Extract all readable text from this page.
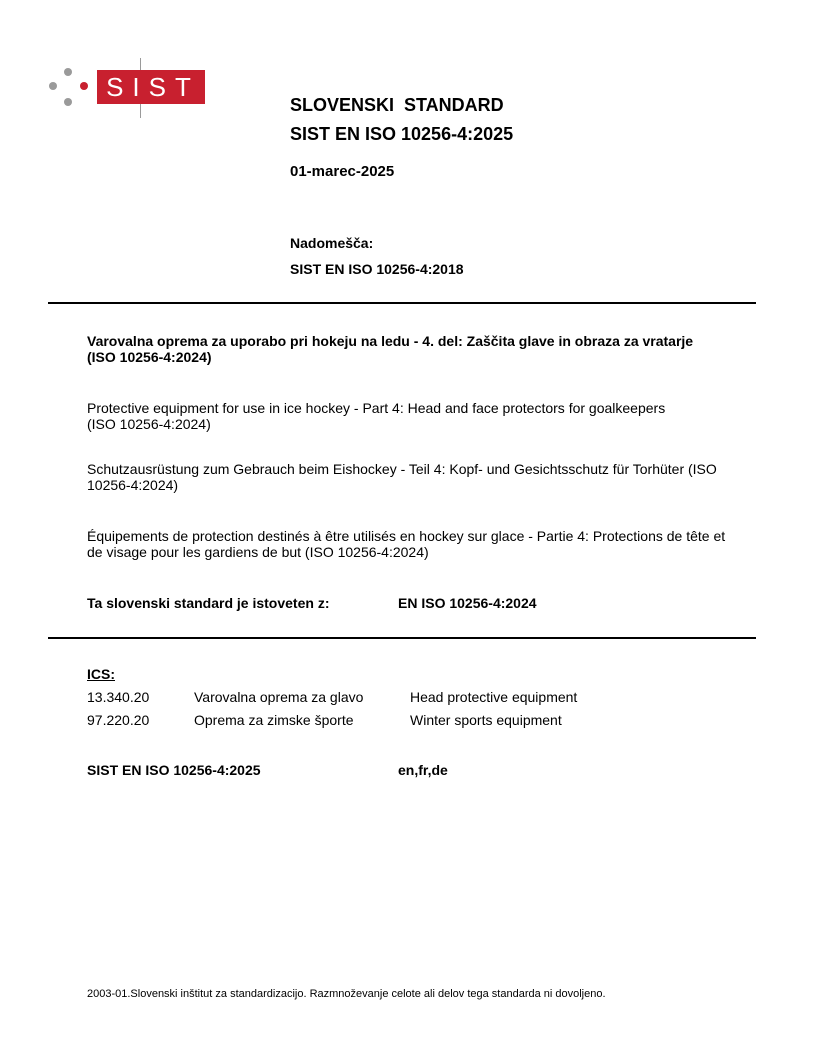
SIST
SLOVENSKI  STANDARD
SIST EN ISO 10256-4:2025
01-marec-2025
Nadomešča:
SIST EN ISO 10256-4:2018
Varovalna oprema za uporabo pri hokeju na ledu - 4. del: Zaščita glave in obraza za vratarje (ISO 10256-4:2024)
Protective equipment for use in ice hockey - Part 4: Head and face protectors for goalkeepers (ISO 10256-4:2024)
Schutzausrüstung zum Gebrauch beim Eishockey - Teil 4: Kopf- und Gesichtsschutz für Torhüter (ISO 10256-4:2024)
Équipements de protection destinés à être utilisés en hockey sur glace - Partie 4: Protections de tête et de visage pour les gardiens de but (ISO 10256-4:2024)
Ta slovenski standard je istoveten z:	EN ISO 10256-4:2024
ICS:
13.340.20	Varovalna oprema za glavo	Head protective equipment
97.220.20	Oprema za zimske športe	Winter sports equipment
SIST EN ISO 10256-4:2025	en,fr,de
2003-01.Slovenski inštitut za standardizacijo. Razmnoževanje celote ali delov tega standarda ni dovoljeno.
